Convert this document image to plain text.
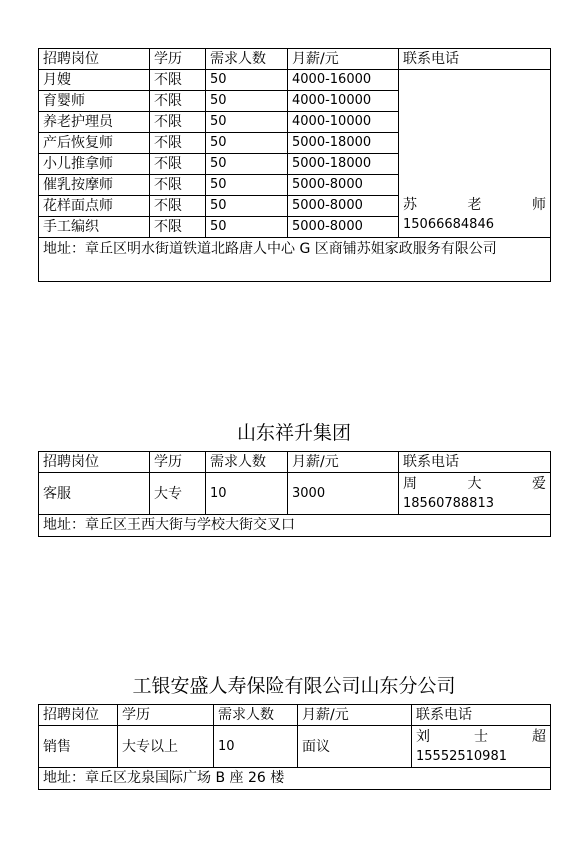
招聘岗位	学历	需求人数	月薪/元	联系电话
月嫂	不限	50	4000-16000	苏 老 师
15066684846

育婴师	不限	50	4000-10000	
养老护理员	不限	50	4000-10000	
产后恢复师	不限	50	5000-18000	
小儿推拿师	不限	50	5000-18000	
催乳按摩师	不限	50	5000-8000	
花样面点师	不限	50	5000-8000	
手工编织	不限	50	5000-8000	
地址：章丘区明水街道铁道北路唐人中心 G 区商铺苏姐家政服务有限公司				
山东祥升集团
招聘岗位	学历	需求人数	月薪/元	联系电话
客服	大专	10	3000	周 大 爱
18560788813

地址：章丘区王西大街与学校大街交叉口				
工银安盛人寿保险有限公司山东分公司
招聘岗位	学历	需求人数	月薪/元	联系电话
销售	大专以上	10	面议	刘 士 超
15552510981

地址：章丘区龙泉国际广场 B 座 26 楼				
